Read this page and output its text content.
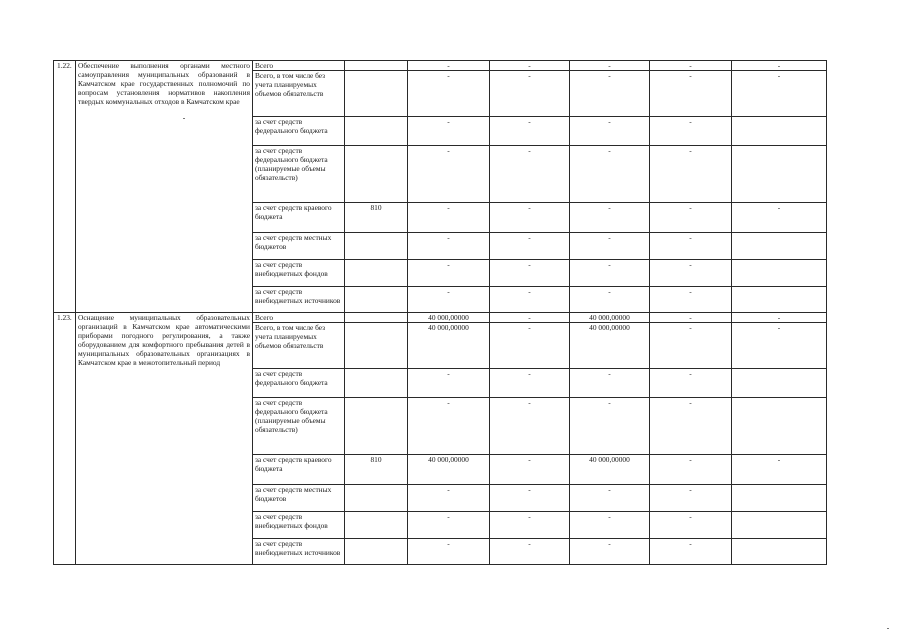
1.22.	Обеспечение выполнения органами местного самоуправления муниципальных образований в Камчатском крае государственных полномочий по вопросам установления нормативов накопления твердых коммунальных отходов в Камчатском крае	Всего		-	-	-	-	-
		Всего, в том числе без учета планируемых объемов обязательств		-	-	-	-	-
		за счет средств федерального бюджета		-	-	-	-	
		за счет средств федерального бюджета (планируемые объемы обязательств)		-	-	-	-	
		за счет средств краевого бюджета	810	-	-	-	-	-
		за счет средств местных бюджетов		-	-	-	-	
		за счет средств внебюджетных фондов		-	-	-	-	
		за счет средств внебюджетных источников		-	-	-	-	
1.23.	Оснащение муниципальных образовательных организаций в Камчатском крае автоматическими приборами погодного регулирования, а также оборудованием для комфортного пребывания детей в муниципальных образовательных организациях в Камчатском крае в межотопительный период	Всего		40 000,00000	-	40 000,00000	-	-
		Всего, в том числе без учета планируемых объемов обязательств		40 000,00000	-	40 000,00000	-	-
		за счет средств федерального бюджета		-	-	-	-	
		за счет средств федерального бюджета (планируемые объемы обязательств)		-	-	-	-	
		за счет средств краевого бюджета	810	40 000,00000	-	40 000,00000	-	-
		за счет средств местных бюджетов		-	-	-	-	
		за счет средств внебюджетных фондов		-	-	-	-	
		за счет средств внебюджетных источников		-	-	-	-	
